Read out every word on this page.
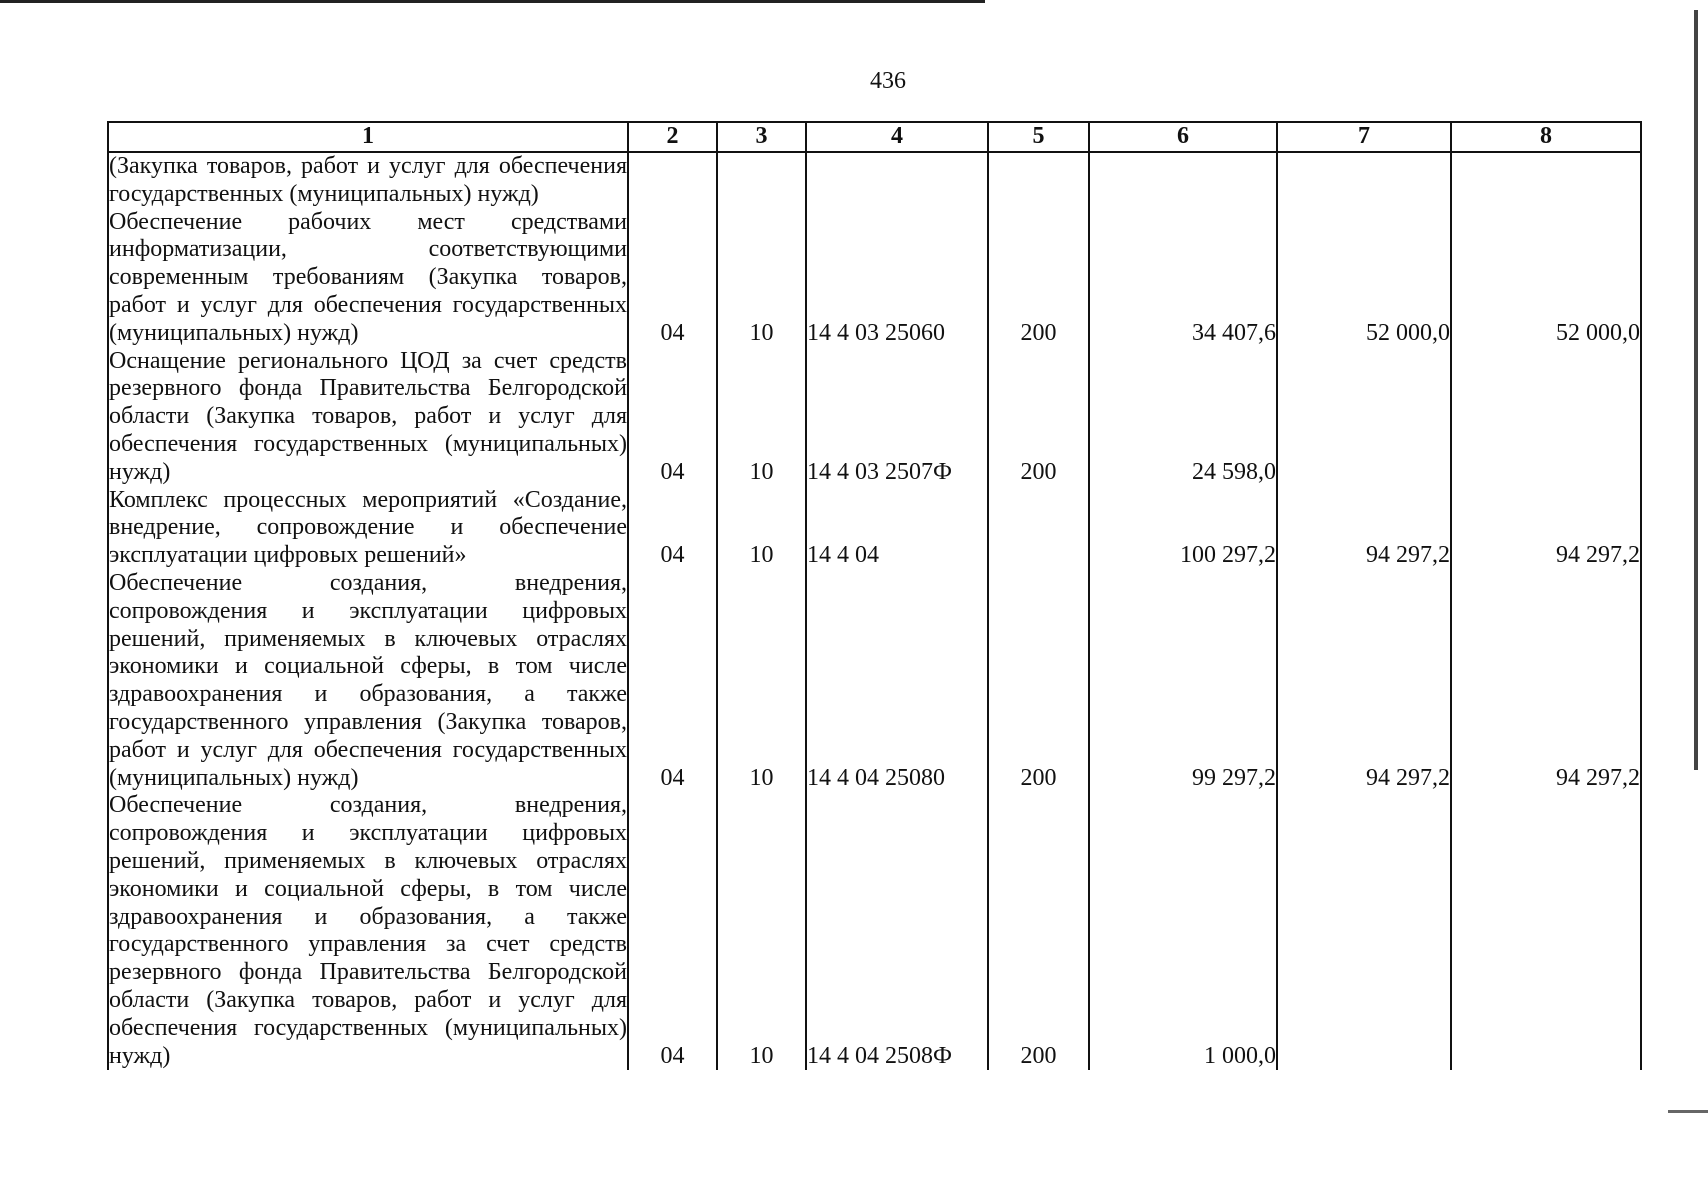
436
1	2	3	4	5	6	7	8
(Закупка товаров, работ и услуг для обеспечения государственных (муниципальных) нужд)							
Обеспечение рабочих мест средствами информатизации, соответствующими современным требованиям (Закупка товаров, работ и услуг для обеспечения государственных (муниципальных) нужд)	04	10	14 4 03 25060	200	34 407,6	52 000,0	52 000,0
Оснащение регионального ЦОД за счет средств резервного фонда Правительства Белгородской области (Закупка товаров, работ и услуг для обеспечения государственных (муниципальных) нужд)	04	10	14 4 03 2507Ф	200	24 598,0		
Комплекс процессных мероприятий «Создание, внедрение, сопровождение и обеспечение эксплуатации цифровых решений»	04	10	14 4 04		100 297,2	94 297,2	94 297,2
Обеспечение создания, внедрения, сопровождения и эксплуатации цифровых решений, применяемых в ключевых отраслях экономики и социальной сферы, в том числе здравоохранения и образования, а также государственного управления (Закупка товаров, работ и услуг для обеспечения государственных (муниципальных) нужд)	04	10	14 4 04 25080	200	99 297,2	94 297,2	94 297,2
Обеспечение создания, внедрения, сопровождения и эксплуатации цифровых решений, применяемых в ключевых отраслях экономики и социальной сферы, в том числе здравоохранения и образования, а также государственного управления за счет средств резервного фонда Правительства Белгородской области (Закупка товаров, работ и услуг для обеспечения государственных (муниципальных) нужд)	04	10	14 4 04 2508Ф	200	1 000,0		
